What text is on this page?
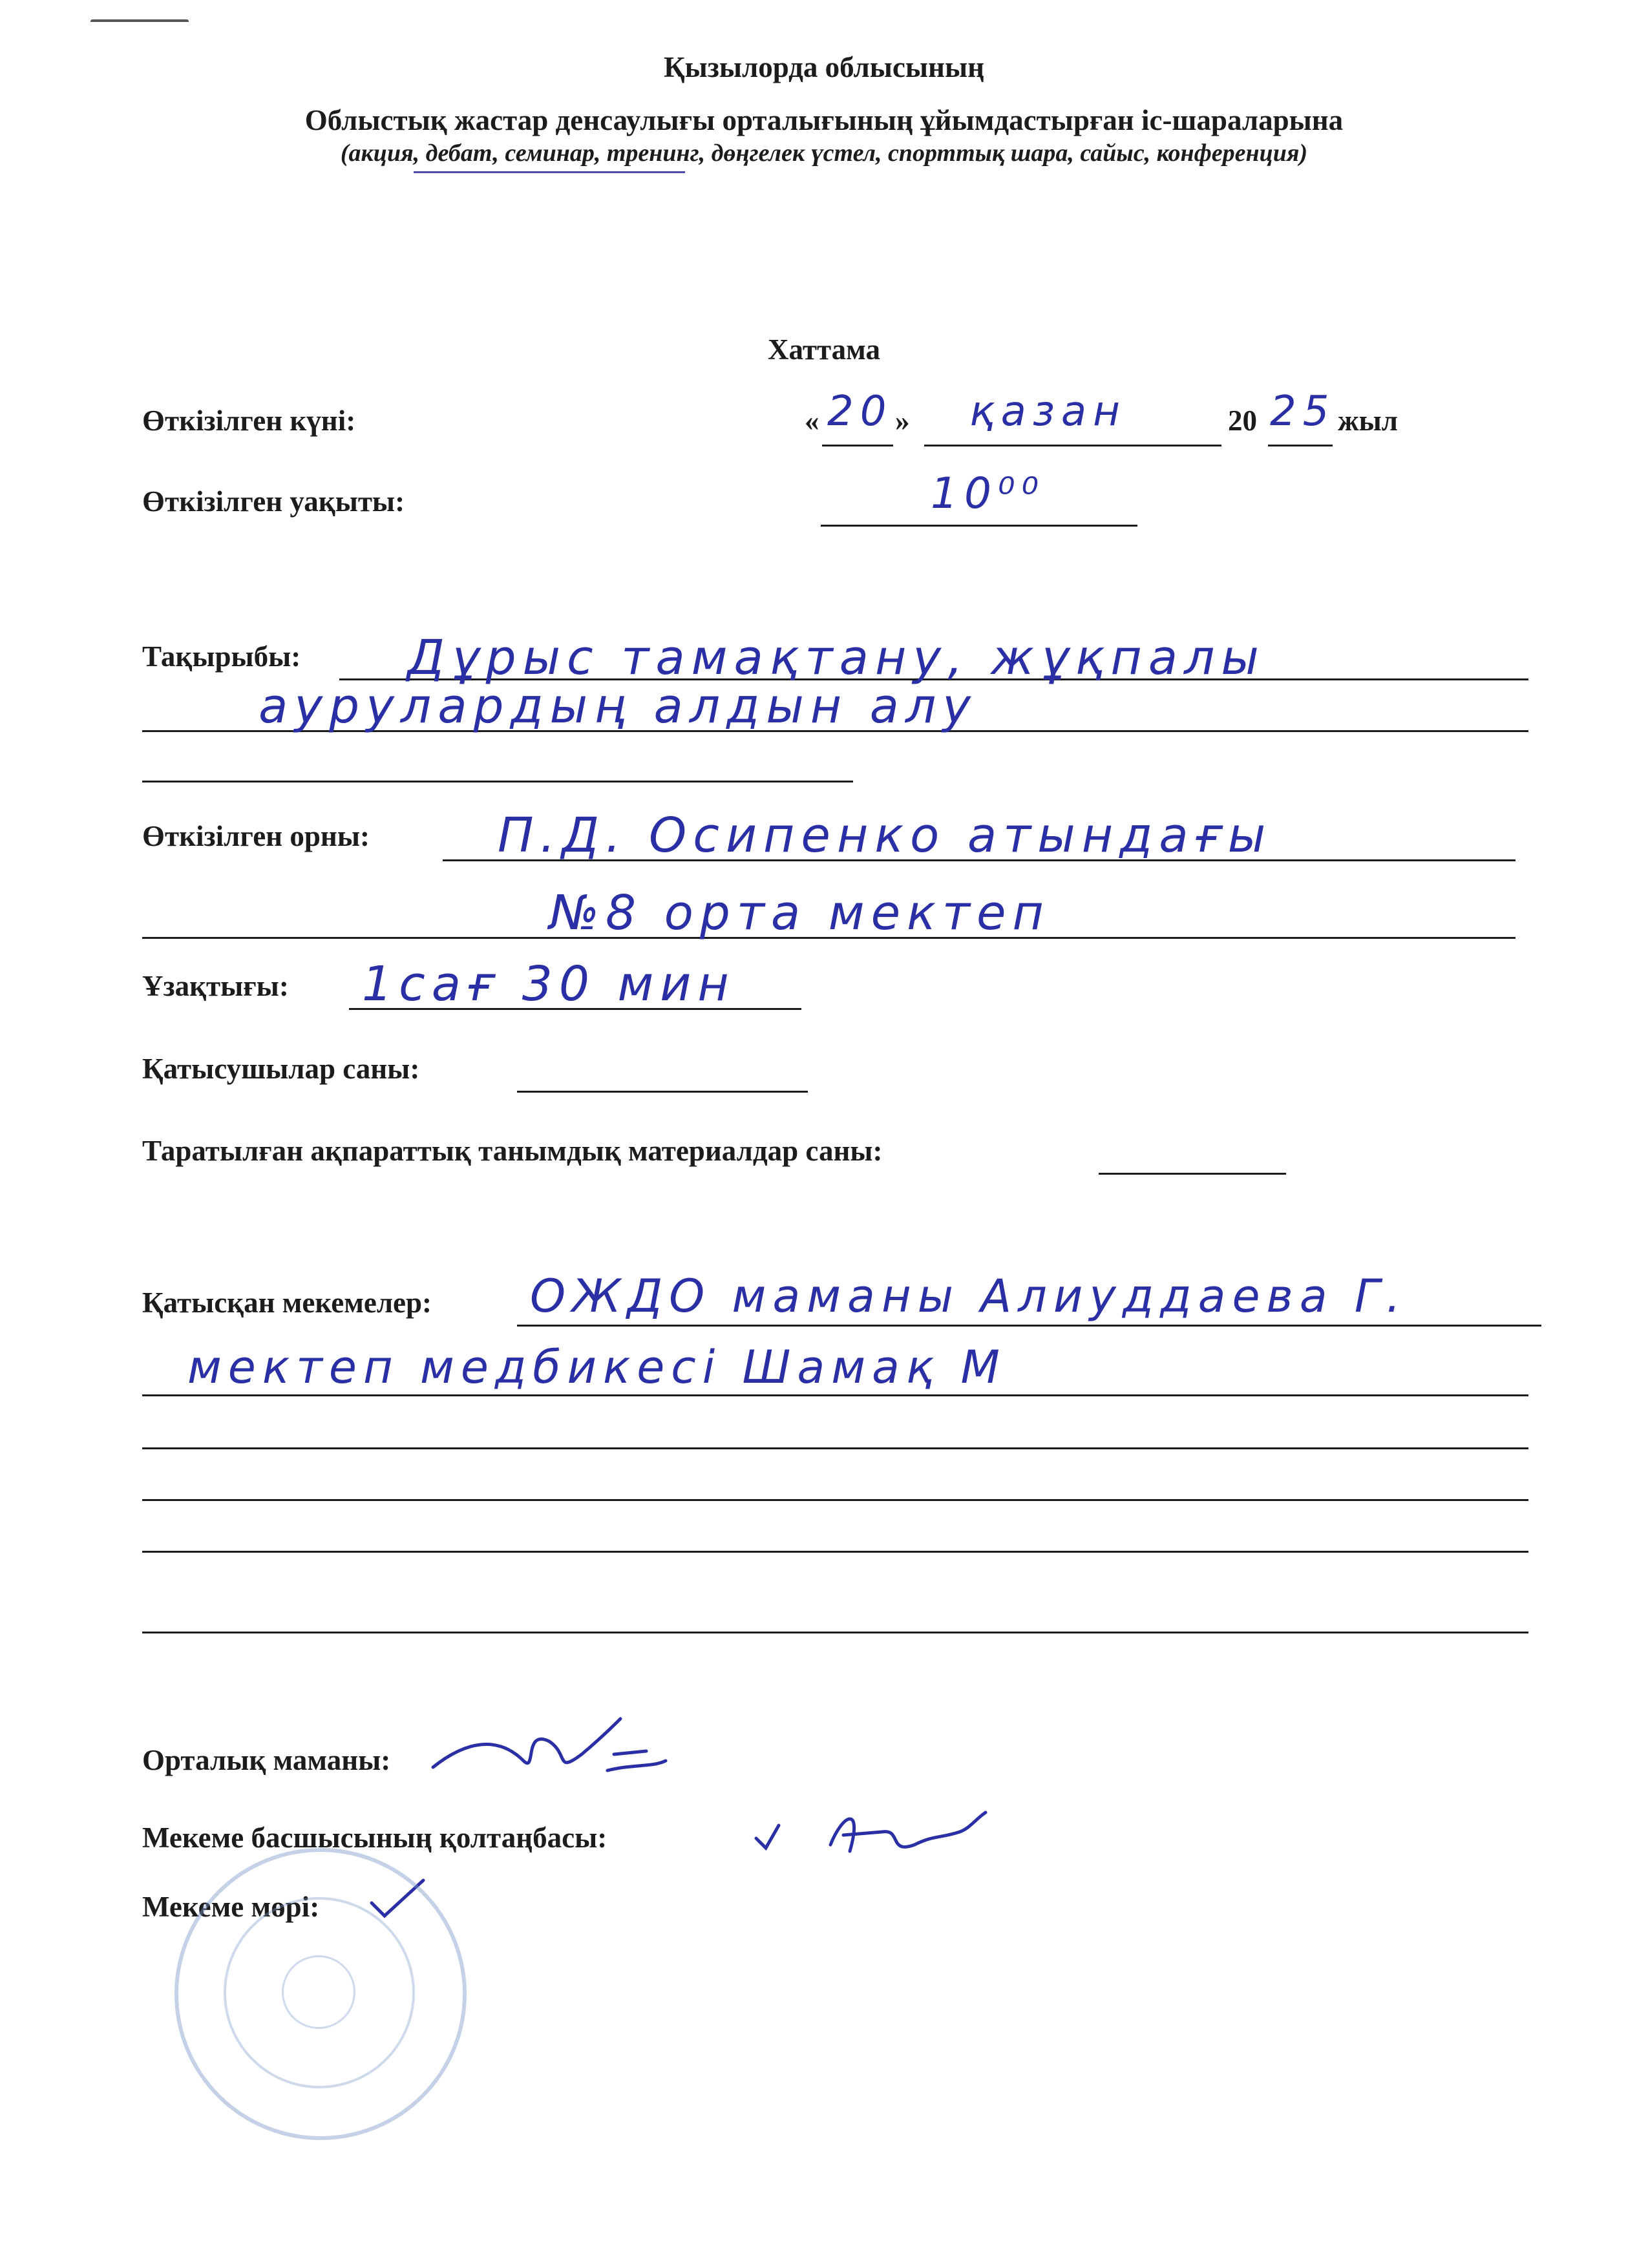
Қызылорда облысының
Облыстық жастар денсаулығы орталығының ұйымдастырған іс-шараларына
(акция, дебат, семинар, тренинг, дөңгелек үстел, спорттық шара, сайыс, конференция)
Хаттама
Өткізілген күні:	« 20 » қазан	20 25 жыл
Өткізілген уақыты:	10⁰⁰
Тақырыбы: Дұрыс тамақтану, жұқпалы
аурулардың алдын алу
Өткізілген орны:	П.Д. Осипенко атындағы
№8 орта мектеп
Ұзақтығы: 1сағ 30 мин
Қатысушылар саны:
Таратылған ақпараттық танымдық материалдар саны:
Қатысқан мекемелер: ОЖДО маманы Алиуддаева Г.
мектеп медбикесі Шамақ М
Орталық маманы:
Мекеме басшысының қолтаңбасы:
Мекеме мөрі:
